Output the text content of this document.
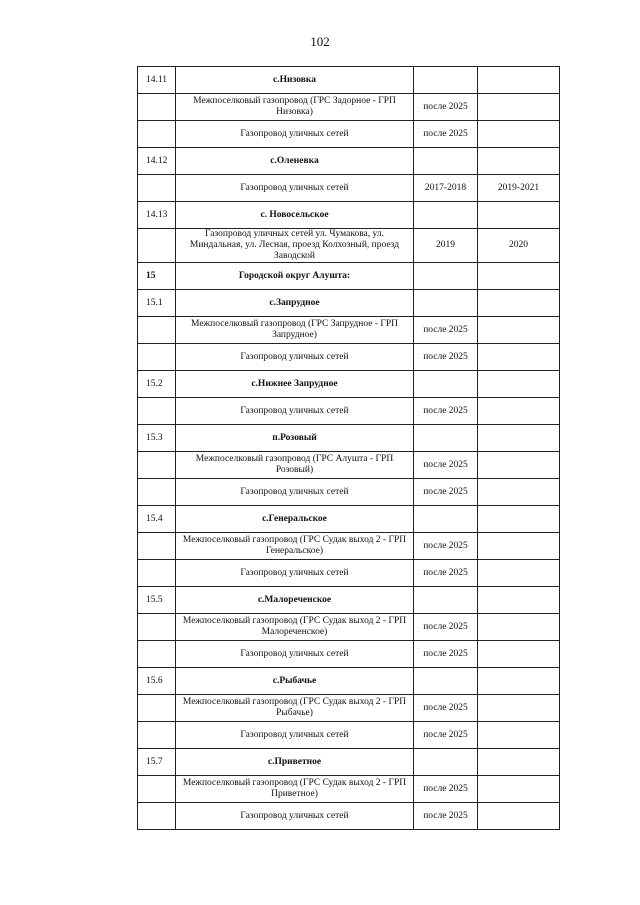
102
14.11	с.Низовка		
	Межпоселковый газопровод (ГРС Задорное - ГРП Низовка)	после 2025	
	Газопровод уличных сетей	после 2025	
14.12	с.Оленевка		
	Газопровод уличных сетей	2017-2018	2019-2021
14.13	с. Новосельское		
	Газопровод уличных сетей ул. Чумакова, ул. Миндальная, ул. Лесная, проезд Колхозный, проезд Заводской	2019	2020
15	Городской округ Алушта:		
15.1	с.Запрудное		
	Межпоселковый газопровод (ГРС Запрудное - ГРП Запрудное)	после 2025	
	Газопровод уличных сетей	после 2025	
15.2	с.Нижнее Запрудное		
	Газопровод уличных сетей	после 2025	
15.3	п.Розовый		
	Межпоселковый газопровод (ГРС Алушта - ГРП Розовый)	после 2025	
	Газопровод уличных сетей	после 2025	
15.4	с.Генеральское		
	Межпоселковый газопровод (ГРС Судак выход 2 - ГРП Генеральское)	после 2025	
	Газопровод уличных сетей	после 2025	
15.5	с.Малореченское		
	Межпоселковый газопровод (ГРС Судак выход 2 - ГРП Малореченское)	после 2025	
	Газопровод уличных сетей	после 2025	
15.6	с.Рыбачье		
	Межпоселковый газопровод (ГРС Судак выход 2 - ГРП Рыбачье)	после 2025	
	Газопровод уличных сетей	после 2025	
15.7	с.Приветное		
	Межпоселковый газопровод (ГРС Судак выход 2 - ГРП Приветное)	после 2025	
	Газопровод уличных сетей	после 2025	
